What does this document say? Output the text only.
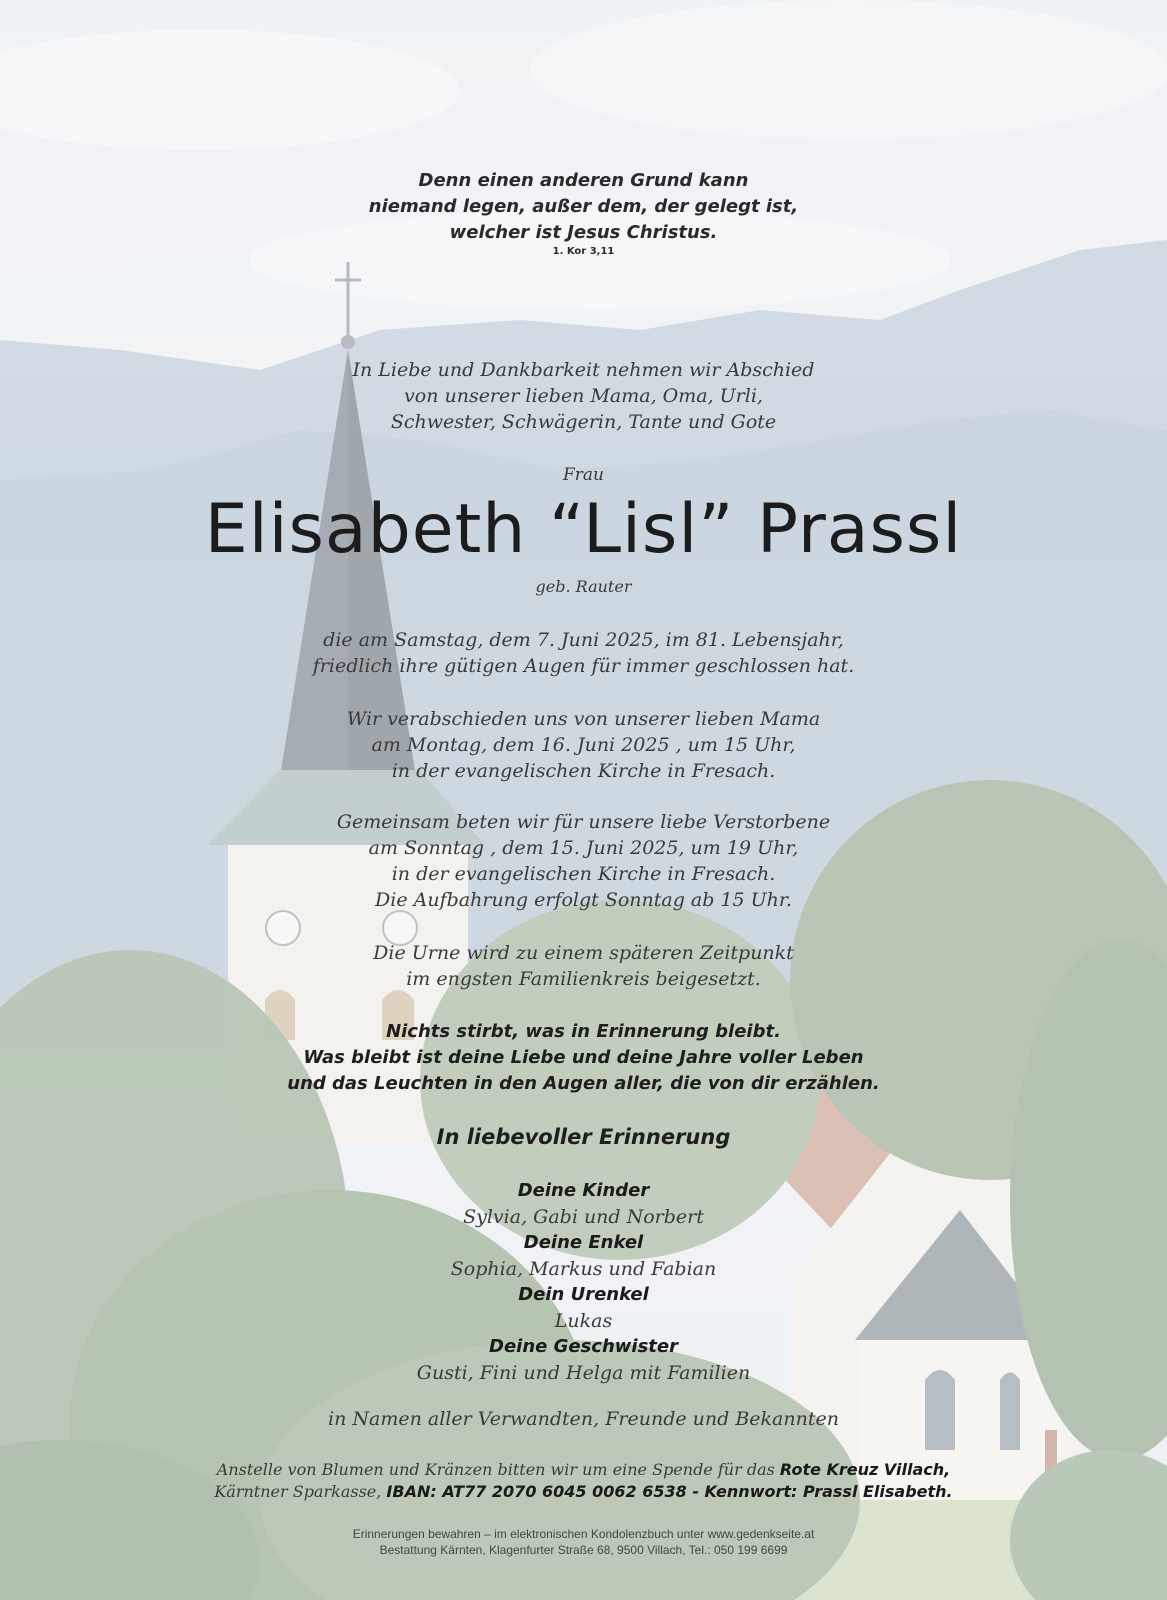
Denn einen anderen Grund kann
niemand legen, außer dem, der gelegt ist,
welcher ist Jesus Christus.
1. Kor 3,11
In Liebe und Dankbarkeit nehmen wir Abschied
von unserer lieben Mama, Oma, Urli,
Schwester, Schwägerin, Tante und Gote
Frau
Elisabeth “Lisl” Prassl
geb. Rauter
die am Samstag, dem 7. Juni 2025, im 81. Lebensjahr,
friedlich ihre gütigen Augen für immer geschlossen hat.
Wir verabschieden uns von unserer lieben Mama
am Montag, dem 16. Juni 2025 , um 15 Uhr,
in der evangelischen Kirche in Fresach.
Gemeinsam beten wir für unsere liebe Verstorbene
am Sonntag , dem 15. Juni 2025, um 19 Uhr,
in der evangelischen Kirche in Fresach.
Die Aufbahrung erfolgt Sonntag ab 15 Uhr.
Die Urne wird zu einem späteren Zeitpunkt
im engsten Familienkreis beigesetzt.
Nichts stirbt, was in Erinnerung bleibt.
Was bleibt ist deine Liebe und deine Jahre voller Leben
und das Leuchten in den Augen aller, die von dir erzählen.
In liebevoller Erinnerung
Deine Kinder
Sylvia, Gabi und Norbert
Deine Enkel
Sophia, Markus und Fabian
Dein Urenkel
Lukas
Deine Geschwister
Gusti, Fini und Helga mit Familien
in Namen aller Verwandten, Freunde und Bekannten
Anstelle von Blumen und Kränzen bitten wir um eine Spende für das Rote Kreuz Villach,
Kärntner Sparkasse, IBAN: AT77 2070 6045 0062 6538 - Kennwort: Prassl Elisabeth.
Erinnerungen bewahren – im elektronischen Kondolenzbuch unter www.gedenkseite.at
Bestattung Kärnten, Klagenfurter Straße 68, 9500 Villach, Tel.: 050 199 6699
